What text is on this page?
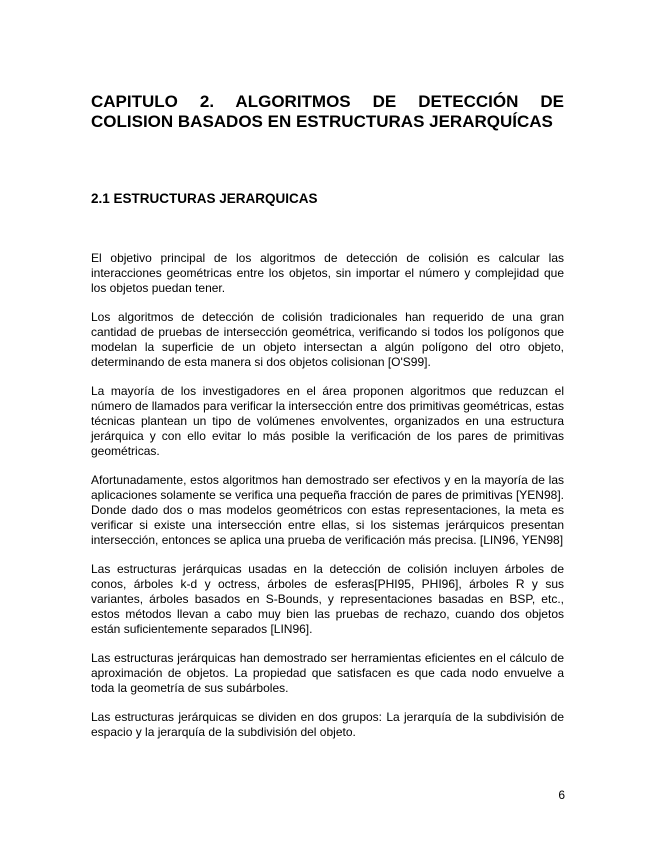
CAPITULO 2. ALGORITMOS DE DETECCIÓN DE COLISION BASADOS EN ESTRUCTURAS JERARQUÍCAS
2.1 ESTRUCTURAS JERARQUICAS

El objetivo principal de los algoritmos de detección de colisión es calcular las interacciones geométricas entre los objetos, sin importar el número y complejidad que los objetos puedan tener.

Los algoritmos de detección de colisión tradicionales han requerido de una gran cantidad de pruebas de intersección geométrica, verificando si todos los polígonos que modelan la superficie de un objeto intersectan a algún polígono del otro objeto, determinando de esta manera si dos objetos colisionan [O'S99].

La mayoría de los investigadores en el área proponen algoritmos que reduzcan el número de llamados para verificar la intersección entre dos primitivas geométricas, estas técnicas plantean un tipo de volúmenes envolventes, organizados en una estructura jerárquica y con ello evitar lo más posible la verificación de los pares de primitivas geométricas.

Afortunadamente, estos algoritmos han demostrado ser efectivos y en la mayoría de las aplicaciones solamente se verifica una pequeña fracción de pares de primitivas [YEN98]. Donde dado dos o mas modelos geométricos con estas representaciones, la meta es verificar si existe una intersección entre ellas, si los sistemas jerárquicos presentan intersección, entonces se aplica una prueba de verificación más precisa. [LIN96, YEN98]

Las estructuras jerárquicas usadas en la detección de colisión incluyen árboles de conos, árboles k-d y octress, árboles de esferas[PHI95, PHI96], árboles R y sus variantes, árboles basados en S-Bounds, y representaciones basadas en BSP, etc., estos métodos llevan a cabo muy bien las pruebas de rechazo, cuando dos objetos están suficientemente separados [LIN96].

Las estructuras jerárquicas han demostrado ser herramientas eficientes en el cálculo de aproximación de objetos. La propiedad que satisfacen es que cada nodo envuelve a toda la geometría de sus subárboles.

Las estructuras jerárquicas se dividen en dos grupos: La jerarquía de la subdivisión de espacio y la jerarquía de la subdivisión del objeto.

6
